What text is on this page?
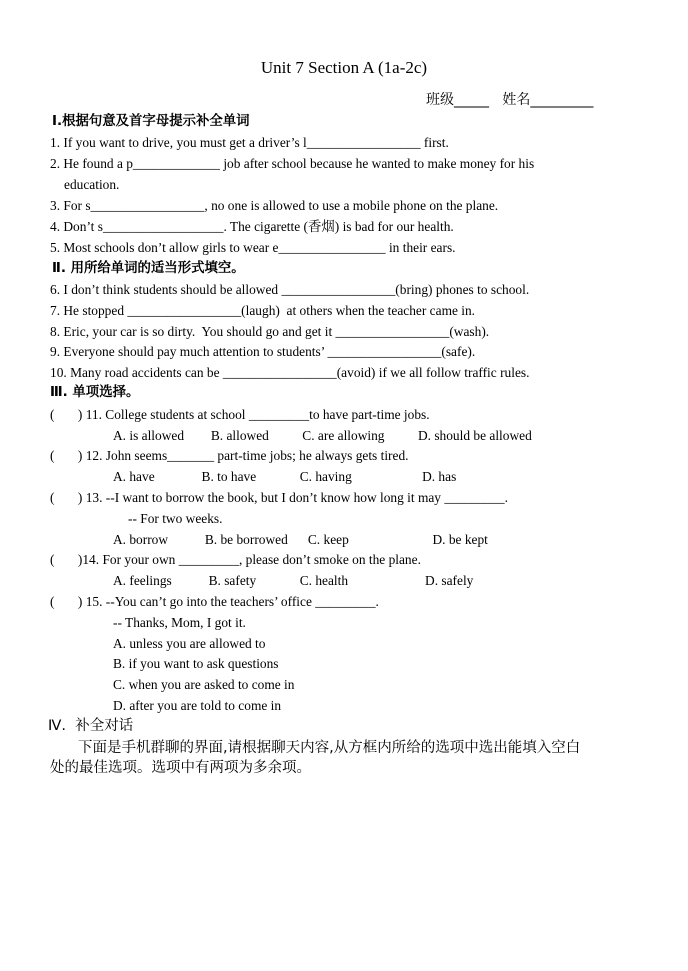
Unit 7 Section A (1a-2c)
班级_____   姓名_________
Ⅰ.根据句意及首字母提示补全单词
1. If you want to drive, you must get a driver’s l_________________ first.
2. He found a p_____________ job after school because he wanted to make money for his
education.
3. For s_________________, no one is allowed to use a mobile phone on the plane.
4. Don’t s__________________. The cigarette (香烟) is bad for our health.
5. Most schools don’t allow girls to wear e________________ in their ears.
Ⅱ. 用所给单词的适当形式填空。
6. I don’t think students should be allowed _________________(bring) phones to school.
7. He stopped _________________(laugh)  at others when the teacher came in.
8. Eric, your car is so dirty.  You should go and get it _________________(wash).
9. Everyone should pay much attention to students’ _________________(safe).
10. Many road accidents can be _________________(avoid) if we all follow traffic rules.
Ⅲ. 单项选择。
(       ) 11. College students at school _________to have part-time jobs.
A. is allowed        B. allowed          C. are allowing          D. should be allowed
(       ) 12. John seems_______ part-time jobs; he always gets tired.
A. have              B. to have             C. having                     D. has
(       ) 13. --I want to borrow the book, but I don’t know how long it may _________.
-- For two weeks.
A. borrow           B. be borrowed      C. keep                         D. be kept
(       )14. For your own _________, please don’t smoke on the plane.
A. feelings           B. safety             C. health                       D. safely
(       ) 15. --You can’t go into the teachers’ office _________.
-- Thanks, Mom, I got it.
A. unless you are allowed to
B. if you want to ask questions
C. when you are asked to come in
D. after you are told to come in
Ⅳ.  补全对话
下面是手机群聊的界面,请根据聊天内容,从方框内所给的选项中选出能填入空白
处的最佳选项。选项中有两项为多余项。
